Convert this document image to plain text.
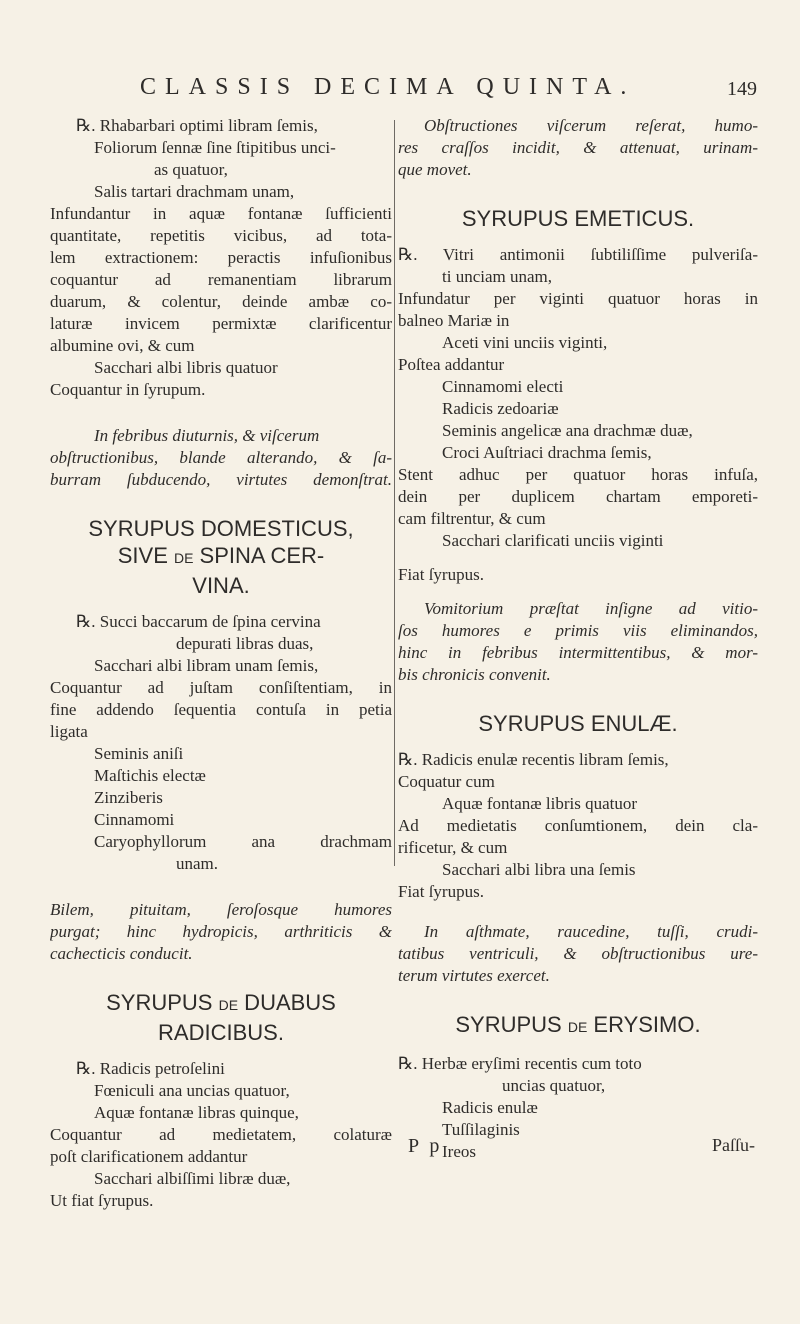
CLASSIS DECIMA QUINTA.	149
℞. Rhabarbari optimi libram ſemis,
Foliorum ſennæ ſine ſtipitibus unci-
as quatuor,
Salis tartari drachmam unam,
Infundantur in aquæ fontanæ ſufficienti
quantitate, repetitis vicibus, ad tota-
lem extractionem: peractis infuſionibus
coquantur ad remanentiam librarum
duarum, & colentur, deinde ambæ co-
laturæ invicem permixtæ clarificentur
albumine ovi, & cum
Sacchari albi libris quatuor
Coquantur in ſyrupum.
In febribus diuturnis, & viſcerum
obſtructionibus, blande alterando, & ſa-
burram ſubducendo, virtutes demonſtrat.
SYRUPUS DOMESTICUS,
SIVE DE SPINA CER-
VINA.
℞. Succi baccarum de ſpina cervina
depurati libras duas,
Sacchari albi libram unam ſemis,
Coquantur ad juſtam conſiſtentiam, in
fine addendo ſequentia contuſa in petia
ligata
Seminis aniſi
Maſtichis electæ
Zinziberis
Cinnamomi
Caryophyllorum ana drachmam
unam.
Bilem, pituitam, ſeroſosque humores
purgat; hinc hydropicis, arthriticis &
cachecticis conducit.
SYRUPUS DE DUABUS
RADICIBUS.
℞. Radicis petroſelini
Fœniculi ana uncias quatuor,
Aquæ fontanæ libras quinque,
Coquantur ad medietatem, colaturæ
poſt clarificationem addantur
Sacchari albiſſimi libræ duæ,
Ut fiat ſyrupus.
Obſtructiones viſcerum reſerat, humo-
res craſſos incidit, & attenuat, urinam-
que movet.
SYRUPUS EMETICUS.
℞. Vitri antimonii ſubtiliſſime pulveriſa-
ti unciam unam,
Infundatur per viginti quatuor horas in
balneo Mariæ in
Aceti vini unciis viginti,
Poſtea addantur
Cinnamomi electi
Radicis zedoariæ
Seminis angelicæ ana drachmæ duæ,
Croci Auſtriaci drachma ſemis,
Stent adhuc per quatuor horas infuſa,
dein per duplicem chartam emporeti-
cam filtrentur, & cum
Sacchari clarificati unciis viginti
Fiat ſyrupus.
Vomitorium præſtat inſigne ad vitio-
ſos humores e primis viis eliminandos,
hinc in febribus intermittentibus, & mor-
bis chronicis convenit.
SYRUPUS ENULÆ.
℞. Radicis enulæ recentis libram ſemis,
Coquatur cum
Aquæ fontanæ libris quatuor
Ad medietatis conſumtionem, dein cla-
rificetur, & cum
Sacchari albi libra una ſemis
Fiat ſyrupus.
In aſthmate, raucedine, tuſſi, crudi-
tatibus ventriculi, & obſtructionibus ure-
terum virtutes exercet.
SYRUPUS DE ERYSIMO.
℞. Herbæ eryſimi recentis cum toto
uncias quatuor,
Radicis enulæ
Tuſſilaginis
Ireos
P p	Paſſu-
